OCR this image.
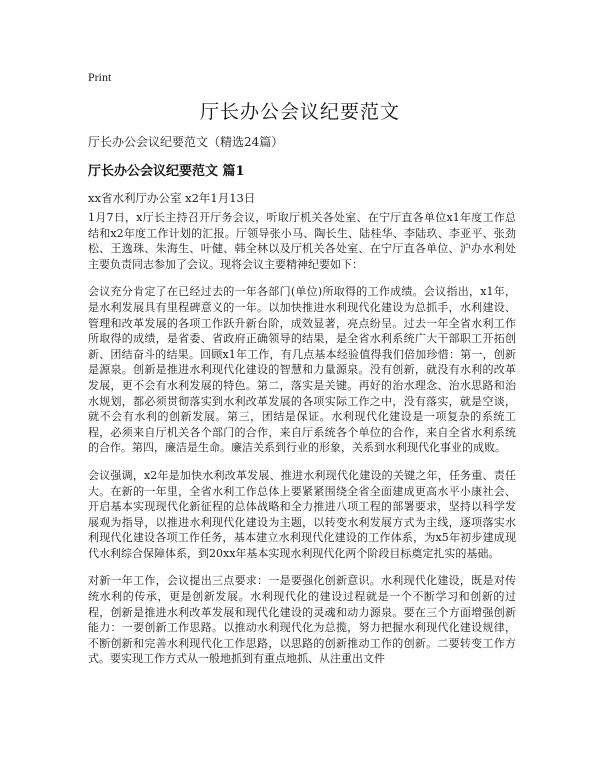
Print
厅长办公会议纪要范文
厅长办公会议纪要范文（精选24篇）
厅长办公会议纪要范文 篇1
xx省水利厅办公室 x2年1月13日

1月7日，x厅长主持召开厅务会议，听取厅机关各处室、在宁厅直各单位x1年度工作总结和x2年度工作计划的汇报。厅领导张小马、陶长生、陆桂华、李陆玖、李亚平、张劲松、王逸珠、朱海生、叶健、韩全林以及厅机关各处室、在宁厅直各单位、沪办水利处主要负责同志参加了会议。现将会议主要精神纪要如下：

会议充分肯定了在已经过去的一年各部门(单位)所取得的工作成绩。会议指出，x1年，是水利发展具有里程碑意义的一年。以加快推进水利现代化建设为总抓手，水利建设、管理和改革发展的各项工作跃升新台阶，成效显著，亮点纷呈。过去一年全省水利工作所取得的成绩，是省委、省政府正确领导的结果，是全省水利系统广大干部职工开拓创新、团结奋斗的结果。回顾x1年工作，有几点基本经验值得我们倍加珍惜：第一，创新是源泉。创新是推进水利现代化建设的智慧和力量源泉。没有创新，就没有水利的改革发展，更不会有水利发展的特色。第二，落实是关键。再好的治水理念、治水思路和治水规划，都必须贯彻落实到水利改革发展的各项实际工作之中，没有落实，就是空谈，就不会有水利的创新发展。第三，团结是保证。水利现代化建设是一项复杂的系统工程，必须来自厅机关各个部门的合作，来自厅系统各个单位的合作，来自全省水利系统的合作。第四，廉洁是生命。廉洁关系到行业的形象，关系到水利现代化事业的成败。

会议强调，x2年是加快水利改革发展、推进水利现代化建设的关键之年，任务重、责任大。在新的一年里，全省水利工作总体上要紧紧围绕全省全面建成更高水平小康社会、开启基本实现现代化新征程的总体战略和全力推进八项工程的部署要求，坚持以科学发展观为指导，以推进水利现代化建设为主题，以转变水利发展方式为主线，逐项落实水利现代化建设各项工作任务，基本建立水利现代化建设的工作体系，为x5年初步建成现代水利综合保障体系，到20xx年基本实现水利现代化两个阶段目标奠定扎实的基础。

对新一年工作，会议提出三点要求：一是要强化创新意识。水利现代化建设，既是对传统水利的传承，更是创新发展。水利现代化的建设过程就是一个不断学习和创新的过程，创新是推进水利改革发展和现代化建设的灵魂和动力源泉。要在三个方面增强创新能力：一要创新工作思路。以推动水利现代化为总揽，努力把握水利现代化建设规律，不断创新和完善水利现代化工作思路，以思路的创新推动工作的创新。二要转变工作方式。要实现工作方式从一般地抓到有重点地抓、从注重出文件
